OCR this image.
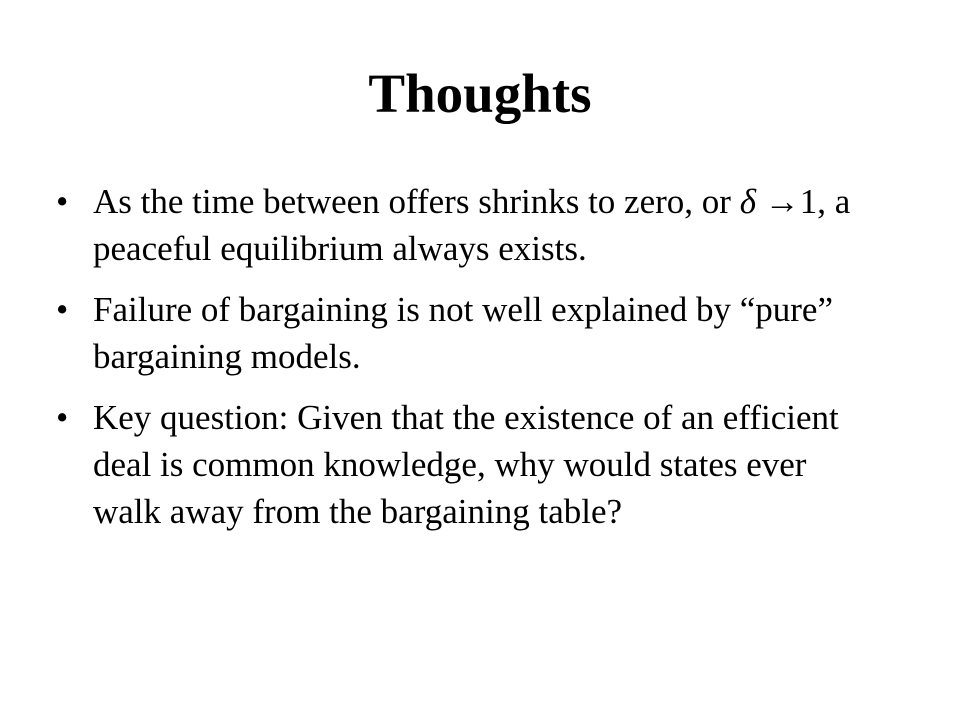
Thoughts
• As the time between offers shrinks to zero, or δ →1, a peaceful equilibrium always exists.
• Failure of bargaining is not well explained by “pure” bargaining models.
• Key question: Given that the existence of an efficient deal is common knowledge, why would states ever walk away from the bargaining table?
